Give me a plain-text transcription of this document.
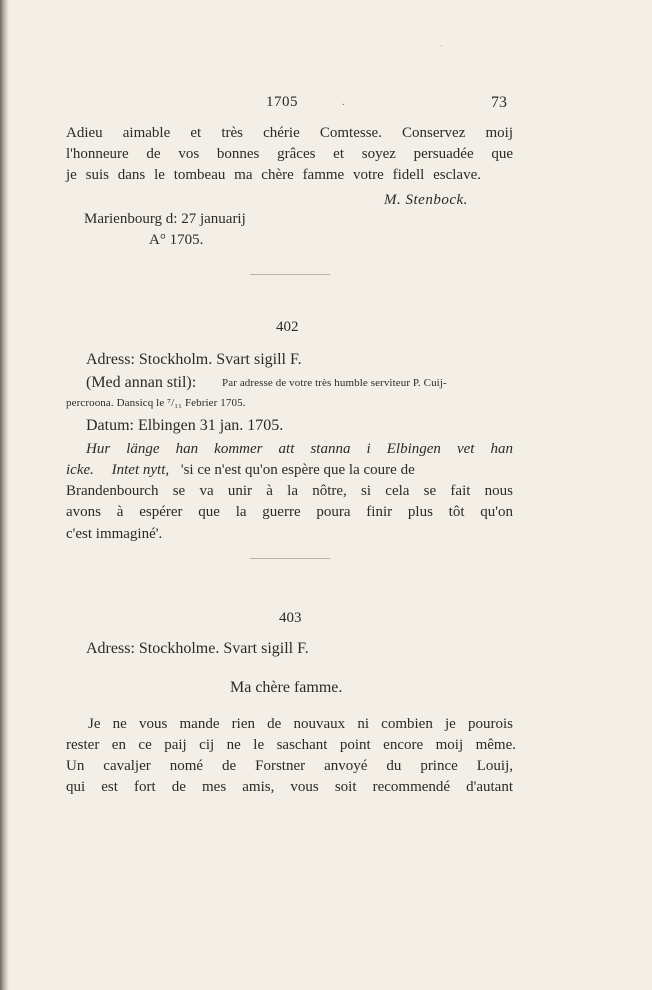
·
1705	.	73
Adieu aimable et très chérie Comtesse. Conservez moij
l'honneure de vos bonnes grâces et soyez persuadée que
je suis dans le tombeau ma chère famme votre fidell esclave.
M. Stenbock.
Marienbourg d: 27 januarij
A° 1705.
402
Adress: Stockholm. Svart sigill F.
(Med annan stil): Par adresse de votre très humble serviteur P. Cuij-
percroona. Dansicq le ⁷/₁₁ Febrier 1705.
Datum: Elbingen 31 jan. 1705.
Hur länge han kommer att stanna i Elbingen vet han
icke. Intet nytt, 'si ce n'est qu'on espère que la coure de
Brandenbourch se va unir à la nôtre, si cela se fait nous
avons à espérer que la guerre poura finir plus tôt qu'on
c'est immaginé'.
403
Adress: Stockholme. Svart sigill F.
Ma chère famme.
Je ne vous mande rien de nouvaux ni combien je pourois
rester en ce paij cij ne le saschant point encore moij même.
Un cavaljer nomé de Forstner anvoyé du prince Louij,
qui est fort de mes amis, vous soit recommendé d'autant
